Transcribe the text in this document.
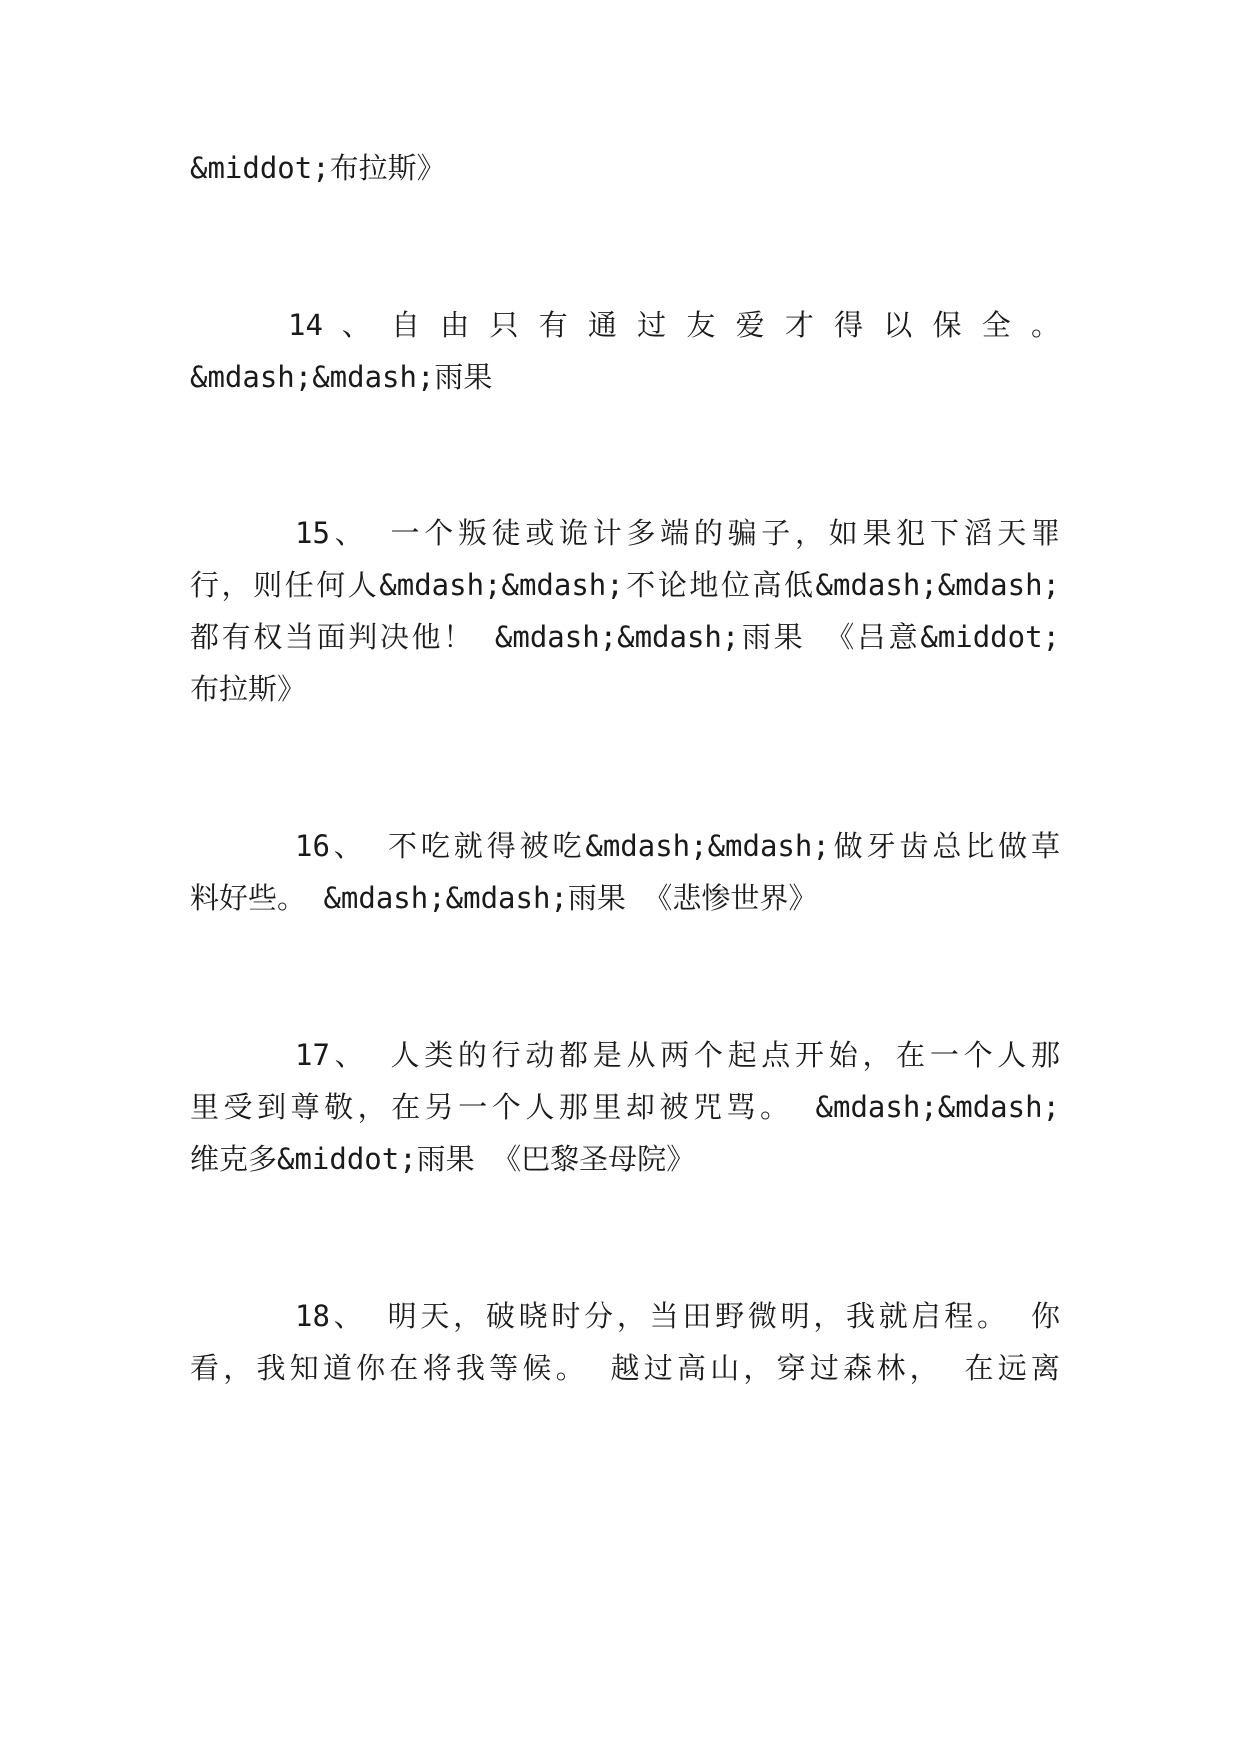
&middot;布拉斯》
14 、 自 由 只 有 通 过 友 爱 才 得 以 保 全 。
&mdash;&mdash;雨果
15、 一个叛徒或诡计多端的骗子，如果犯下滔天罪
行，则任何人&mdash;&mdash;不论地位高低&mdash;&mdash;
都有权当面判决他！ &mdash;&mdash;雨果 《吕意&middot;
布拉斯》
16、 不吃就得被吃&mdash;&mdash;做牙齿总比做草
料好些。 &mdash;&mdash;雨果 《悲惨世界》
17、 人类的行动都是从两个起点开始，在一个人那
里受到尊敬，在另一个人那里却被咒骂。 &mdash;&mdash;
维克多&middot;雨果 《巴黎圣母院》
18、 明天，破晓时分，当田野微明，我就启程。 你
看，我知道你在将我等候。 越过高山，穿过森林， 在远离
